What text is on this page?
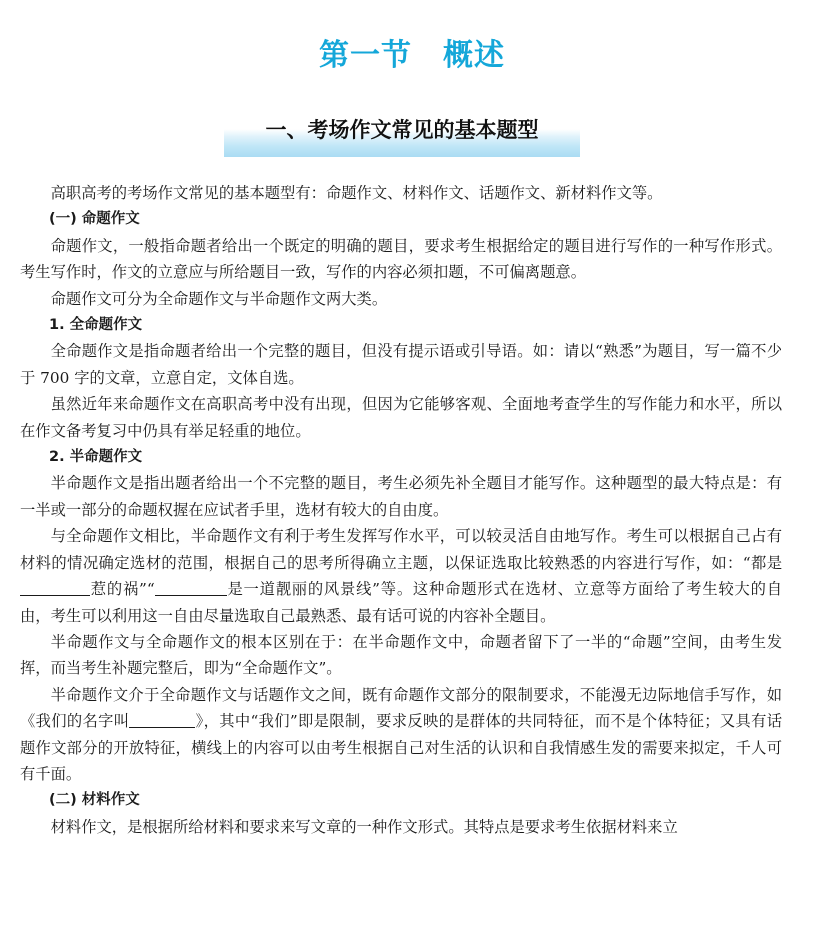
第一节　概述
一、考场作文常见的基本题型

高职高考的考场作文常见的基本题型有：命题作文、材料作文、话题作文、新材料作文等。

(一) 命题作文

命题作文，一般指命题者给出一个既定的明确的题目，要求考生根据给定的题目进行写作的一种写作形式。考生写作时，作文的立意应与所给题目一致，写作的内容必须扣题，不可偏离题意。

命题作文可分为全命题作文与半命题作文两大类。

1. 全命题作文

全命题作文是指命题者给出一个完整的题目，但没有提示语或引导语。如：请以“熟悉”为题目，写一篇不少于 700 字的文章，立意自定，文体自选。

虽然近年来命题作文在高职高考中没有出现，但因为它能够客观、全面地考查学生的写作能力和水平，所以在作文备考复习中仍具有举足轻重的地位。

2. 半命题作文

半命题作文是指出题者给出一个不完整的题目，考生必须先补全题目才能写作。这种题型的最大特点是：有一半或一部分的命题权握在应试者手里，选材有较大的自由度。

与全命题作文相比，半命题作文有利于考生发挥写作水平，可以较灵活自由地写作。考生可以根据自己占有材料的情况确定选材的范围，根据自己的思考所得确立主题，以保证选取比较熟悉的内容进行写作，如：“都是惹的祸”“	是一道靓丽的风景线”等。这种命题形式在选材、立意等方面给了考生较大的自由，考生可以利用这一自由尽量选取自己最熟悉、最有话可说的内容补全题目。

半命题作文与全命题作文的根本区别在于：在半命题作文中，命题者留下了一半的“命题”空间，由考生发挥，而当考生补题完整后，即为“全命题作文”。

半命题作文介于全命题作文与话题作文之间，既有命题作文部分的限制要求，不能漫无边际地信手写作，如《我们的名字叫	》，其中“我们”即是限制，要求反映的是群体的共同特征，而不是个体特征；又具有话题作文部分的开放特征，横线上的内容可以由考生根据自己对生活的认识和自我情感生发的需要来拟定，千人可有千面。

(二) 材料作文

材料作文，是根据所给材料和要求来写文章的一种作文形式。其特点是要求考生依据材料来立
